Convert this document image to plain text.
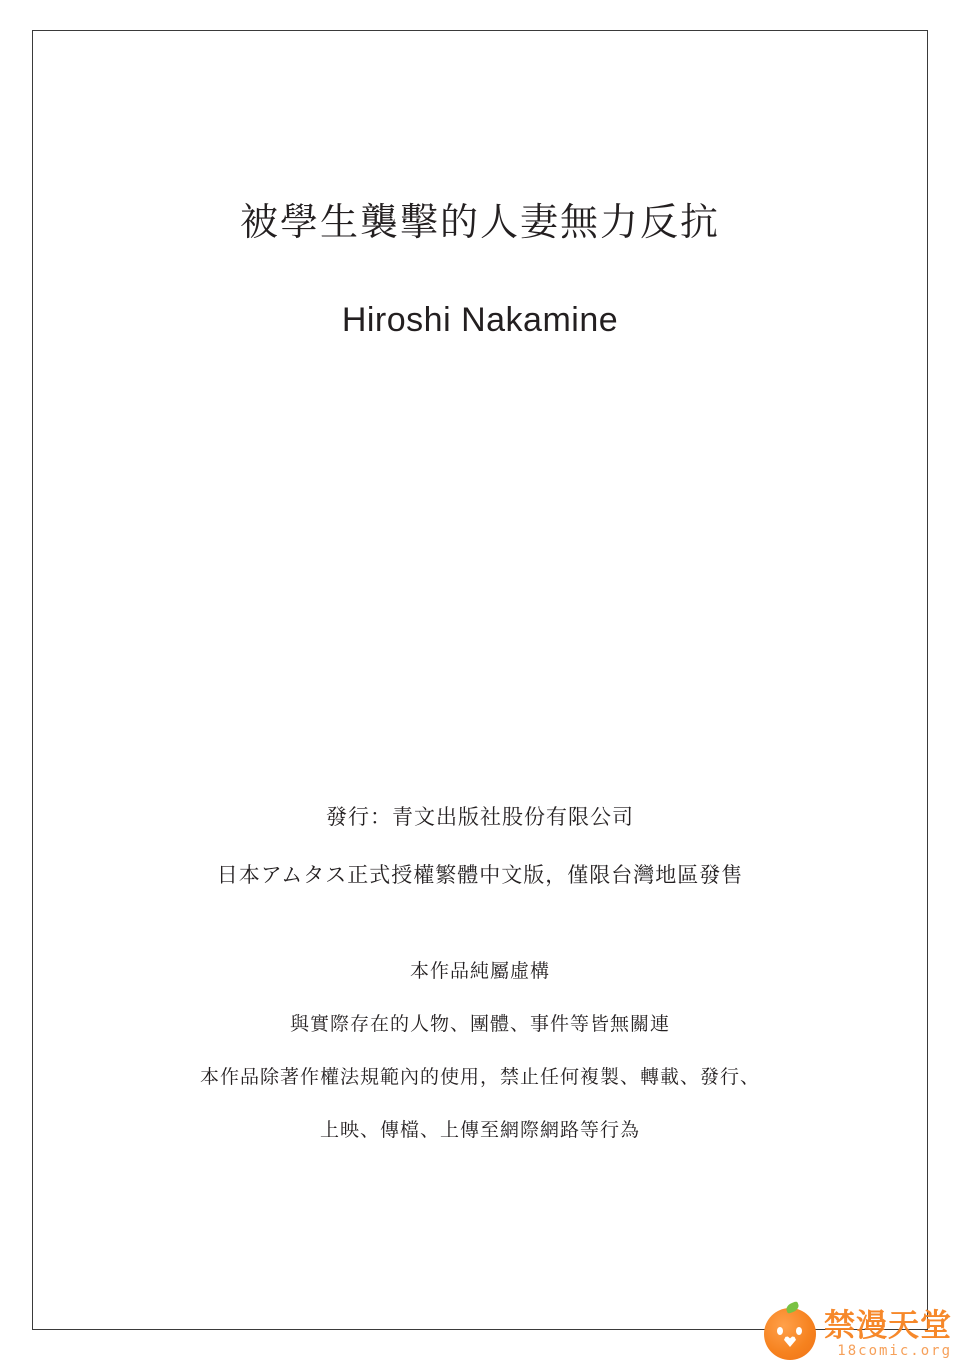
被學生襲擊的人妻無力反抗
Hiroshi Nakamine
發行：青文出版社股份有限公司
日本アムタス正式授權繁體中文版，僅限台灣地區發售
本作品純屬虛構
與實際存在的人物、團體、事件等皆無關連
本作品除著作權法規範內的使用，禁止任何複製、轉載、發行、
上映、傳檔、上傳至網際網路等行為
禁漫天堂
18comic.org
